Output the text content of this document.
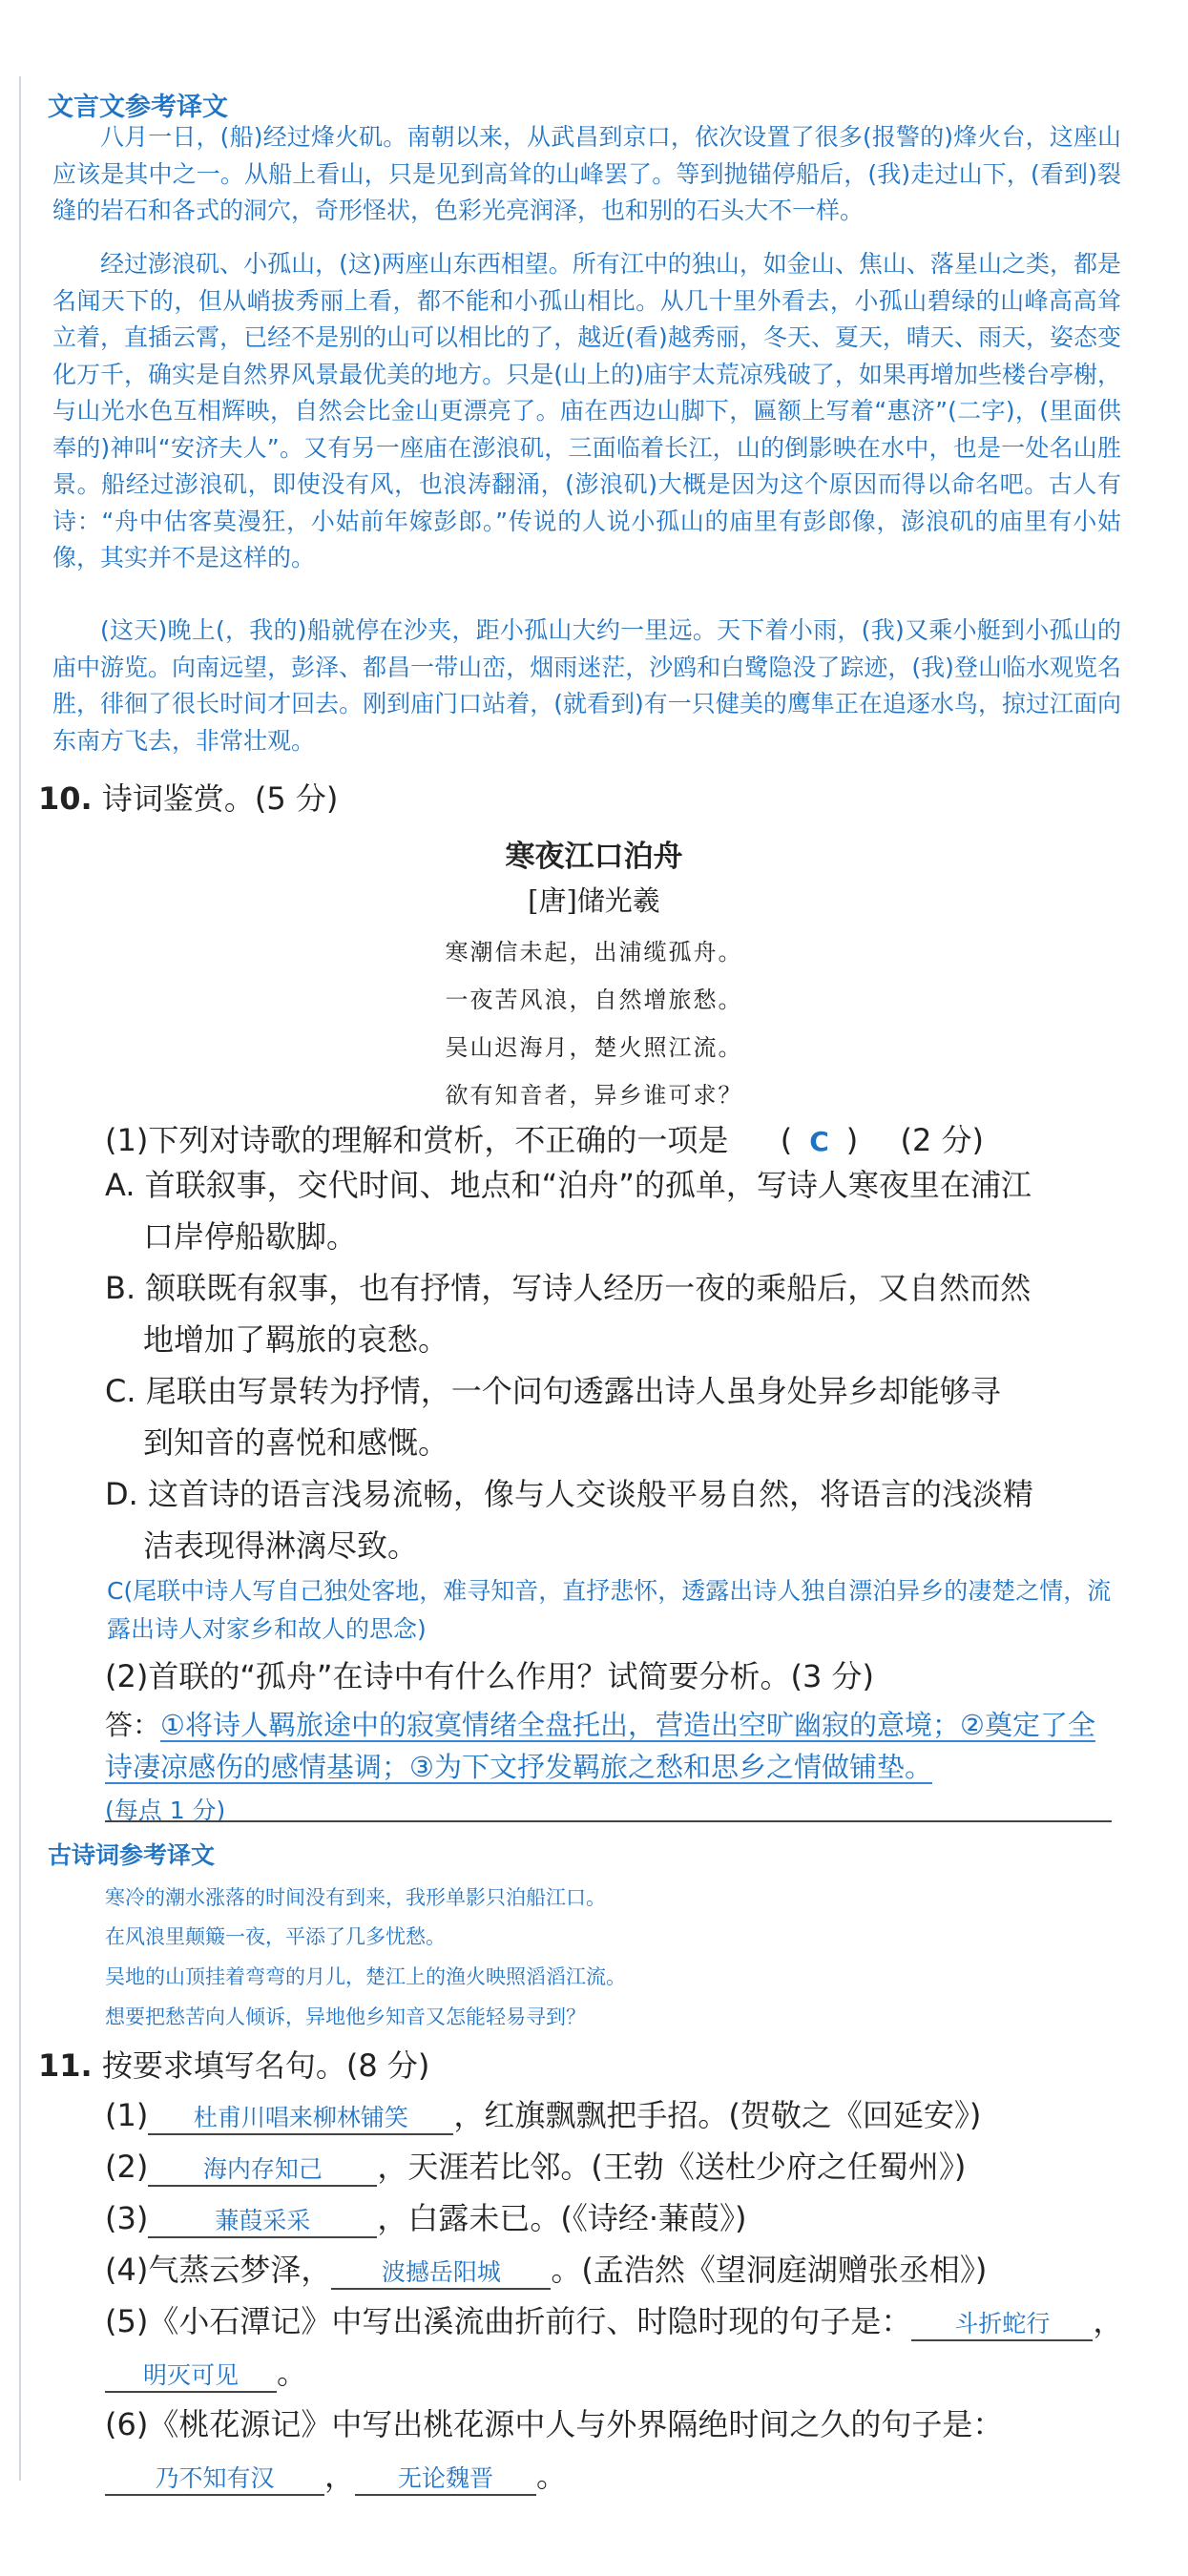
文言文参考译文
八月一日，(船)经过烽火矶。南朝以来，从武昌到京口，依次设置了很多(报警的)烽火台，这座山应该是其中之一。从船上看山，只是见到高耸的山峰罢了。等到抛锚停船后，(我)走过山下，(看到)裂缝的岩石和各式的洞穴，奇形怪状，色彩光亮润泽，也和别的石头大不一样。
经过澎浪矶、小孤山，(这)两座山东西相望。所有江中的独山，如金山、焦山、落星山之类，都是名闻天下的，但从峭拔秀丽上看，都不能和小孤山相比。从几十里外看去，小孤山碧绿的山峰高高耸立着，直插云霄，已经不是别的山可以相比的了，越近(看)越秀丽，冬天、夏天，晴天、雨天，姿态变化万千，确实是自然界风景最优美的地方。只是(山上的)庙宇太荒凉残破了，如果再增加些楼台亭榭，与山光水色互相辉映，自然会比金山更漂亮了。庙在西边山脚下，匾额上写着“惠济”(二字)，(里面供奉的)神叫“安济夫人”。又有另一座庙在澎浪矶，三面临着长江，山的倒影映在水中，也是一处名山胜景。船经过澎浪矶，即使没有风，也浪涛翻涌，(澎浪矶)大概是因为这个原因而得以命名吧。古人有诗：“舟中估客莫漫狂，小姑前年嫁彭郎。”传说的人说小孤山的庙里有彭郎像，澎浪矶的庙里有小姑像，其实并不是这样的。
(这天)晚上(，我的)船就停在沙夹，距小孤山大约一里远。天下着小雨，(我)又乘小艇到小孤山的庙中游览。向南远望，彭泽、都昌一带山峦，烟雨迷茫，沙鸥和白鹭隐没了踪迹，(我)登山临水观览名胜，徘徊了很长时间才回去。刚到庙门口站着，(就看到)有一只健美的鹰隼正在追逐水鸟，掠过江面向东南方飞去，非常壮观。
10. 诗词鉴赏。(5 分)
寒夜江口泊舟
[唐]储光羲
寒潮信未起，出浦缆孤舟。
一夜苦风浪，自然增旅愁。
吴山迟海月，楚火照江流。
欲有知音者，异乡谁可求？
(1)下列对诗歌的理解和赏析，不正确的一项是 ( C ) (2 分)
A. 首联叙事，交代时间、地点和“泊舟”的孤单，写诗人寒夜里在浦江
口岸停船歇脚。
B. 颔联既有叙事，也有抒情，写诗人经历一夜的乘船后，又自然而然
地增加了羁旅的哀愁。
C. 尾联由写景转为抒情，一个问句透露出诗人虽身处异乡却能够寻
到知音的喜悦和感慨。
D. 这首诗的语言浅易流畅，像与人交谈般平易自然，将语言的浅淡精
洁表现得淋漓尽致。
C(尾联中诗人写自己独处客地，难寻知音，直抒悲怀，透露出诗人独自漂泊异乡的凄楚之情，流露出诗人对家乡和故人的思念)
(2)首联的“孤舟”在诗中有什么作用？试简要分析。(3 分)
答：①将诗人羁旅途中的寂寞情绪全盘托出，营造出空旷幽寂的意境；②奠定了全诗凄凉感伤的感情基调；③为下文抒发羁旅之愁和思乡之情做铺垫。
(每点 1 分)
古诗词参考译文
寒冷的潮水涨落的时间没有到来，我形单影只泊船江口。
在风浪里颠簸一夜，平添了几多忧愁。
吴地的山顶挂着弯弯的月儿，楚江上的渔火映照滔滔江流。
想要把愁苦向人倾诉，异地他乡知音又怎能轻易寻到？
11. 按要求填写名句。(8 分)
(1) 杜甫川唱来柳林铺笑 ，红旗飘飘把手招。(贺敬之《回延安》)
(2) 海内存知己 ，天涯若比邻。(王勃《送杜少府之任蜀州》)
(3)	蒹葭采采 ，白露未已。(《诗经·蒹葭》)
(4)气蒸云梦泽， 波撼岳阳城 。(孟浩然《望洞庭湖赠张丞相》)
(5)《小石潭记》中写出溪流曲折前行、时隐时现的句子是： 斗折蛇行 ，
明灭可见 。
(6)《桃花源记》中写出桃花源中人与外界隔绝时间之久的句子是：
乃不知有汉 ， 无论魏晋 。
